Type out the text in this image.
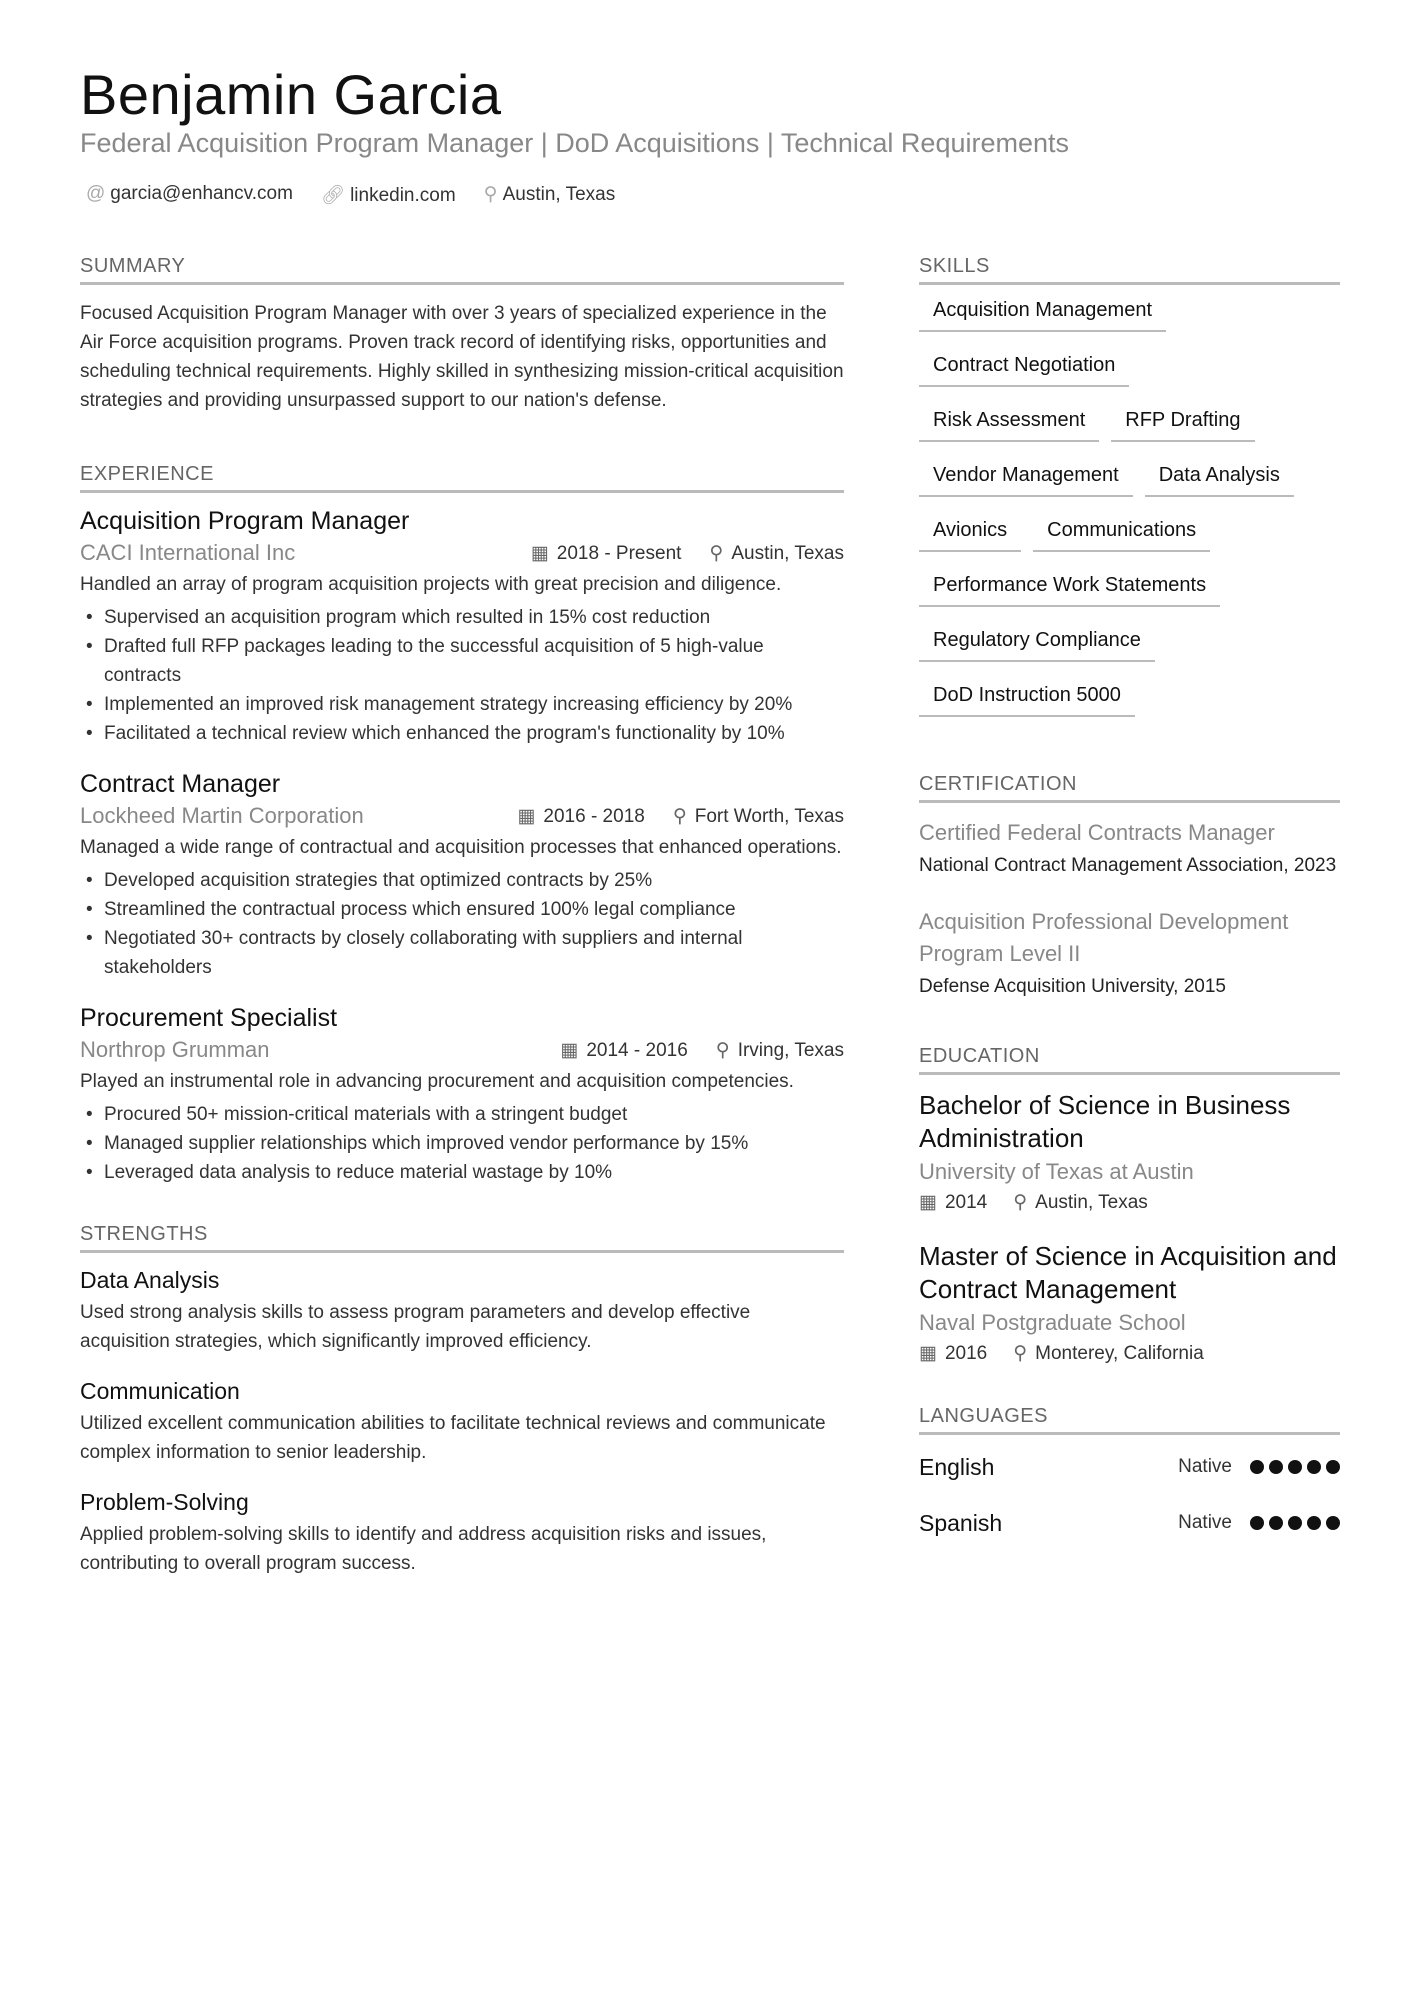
Benjamin Garcia
Federal Acquisition Program Manager | DoD Acquisitions | Technical Requirements
@ garcia@enhancv.com 🔗︎ linkedin.com ⚲ Austin, Texas
SUMMARY
Focused Acquisition Program Manager with over 3 years of specialized experience in the Air Force acquisition programs. Proven track record of identifying risks, opportunities and scheduling technical requirements. Highly skilled in synthesizing mission-critical acquisition strategies and providing unsurpassed support to our nation's defense.
EXPERIENCE
Acquisition Program Manager
CACI International Inc	▦ 2018 - Present ⚲ Austin, Texas
Handled an array of program acquisition projects with great precision and diligence.
• Supervised an acquisition program which resulted in 15% cost reduction
• Drafted full RFP packages leading to the successful acquisition of 5 high-value contracts
• Implemented an improved risk management strategy increasing efficiency by 20%
• Facilitated a technical review which enhanced the program's functionality by 10%
Contract Manager
Lockheed Martin Corporation	▦ 2016 - 2018 ⚲ Fort Worth, Texas
Managed a wide range of contractual and acquisition processes that enhanced operations.
• Developed acquisition strategies that optimized contracts by 25%
• Streamlined the contractual process which ensured 100% legal compliance
• Negotiated 30+ contracts by closely collaborating with suppliers and internal stakeholders
Procurement Specialist
Northrop Grumman	▦ 2014 - 2016 ⚲ Irving, Texas
Played an instrumental role in advancing procurement and acquisition competencies.
• Procured 50+ mission-critical materials with a stringent budget
• Managed supplier relationships which improved vendor performance by 15%
• Leveraged data analysis to reduce material wastage by 10%
STRENGTHS
Data Analysis
Used strong analysis skills to assess program parameters and develop effective acquisition strategies, which significantly improved efficiency.
Communication
Utilized excellent communication abilities to facilitate technical reviews and communicate complex information to senior leadership.
Problem-Solving
Applied problem-solving skills to identify and address acquisition risks and issues, contributing to overall program success.
SKILLS
Acquisition Management
Contract Negotiation
Risk Assessment	RFP Drafting
Vendor Management	Data Analysis
Avionics	Communications
Performance Work Statements
Regulatory Compliance
DoD Instruction 5000
CERTIFICATION
Certified Federal Contracts Manager
National Contract Management Association, 2023
Acquisition Professional Development Program Level II
Defense Acquisition University, 2015
EDUCATION
Bachelor of Science in Business Administration
University of Texas at Austin
▦ 2014 ⚲ Austin, Texas
Master of Science in Acquisition and Contract Management
Naval Postgraduate School
▦ 2016 ⚲ Monterey, California
LANGUAGES
English	Native
Spanish	Native
